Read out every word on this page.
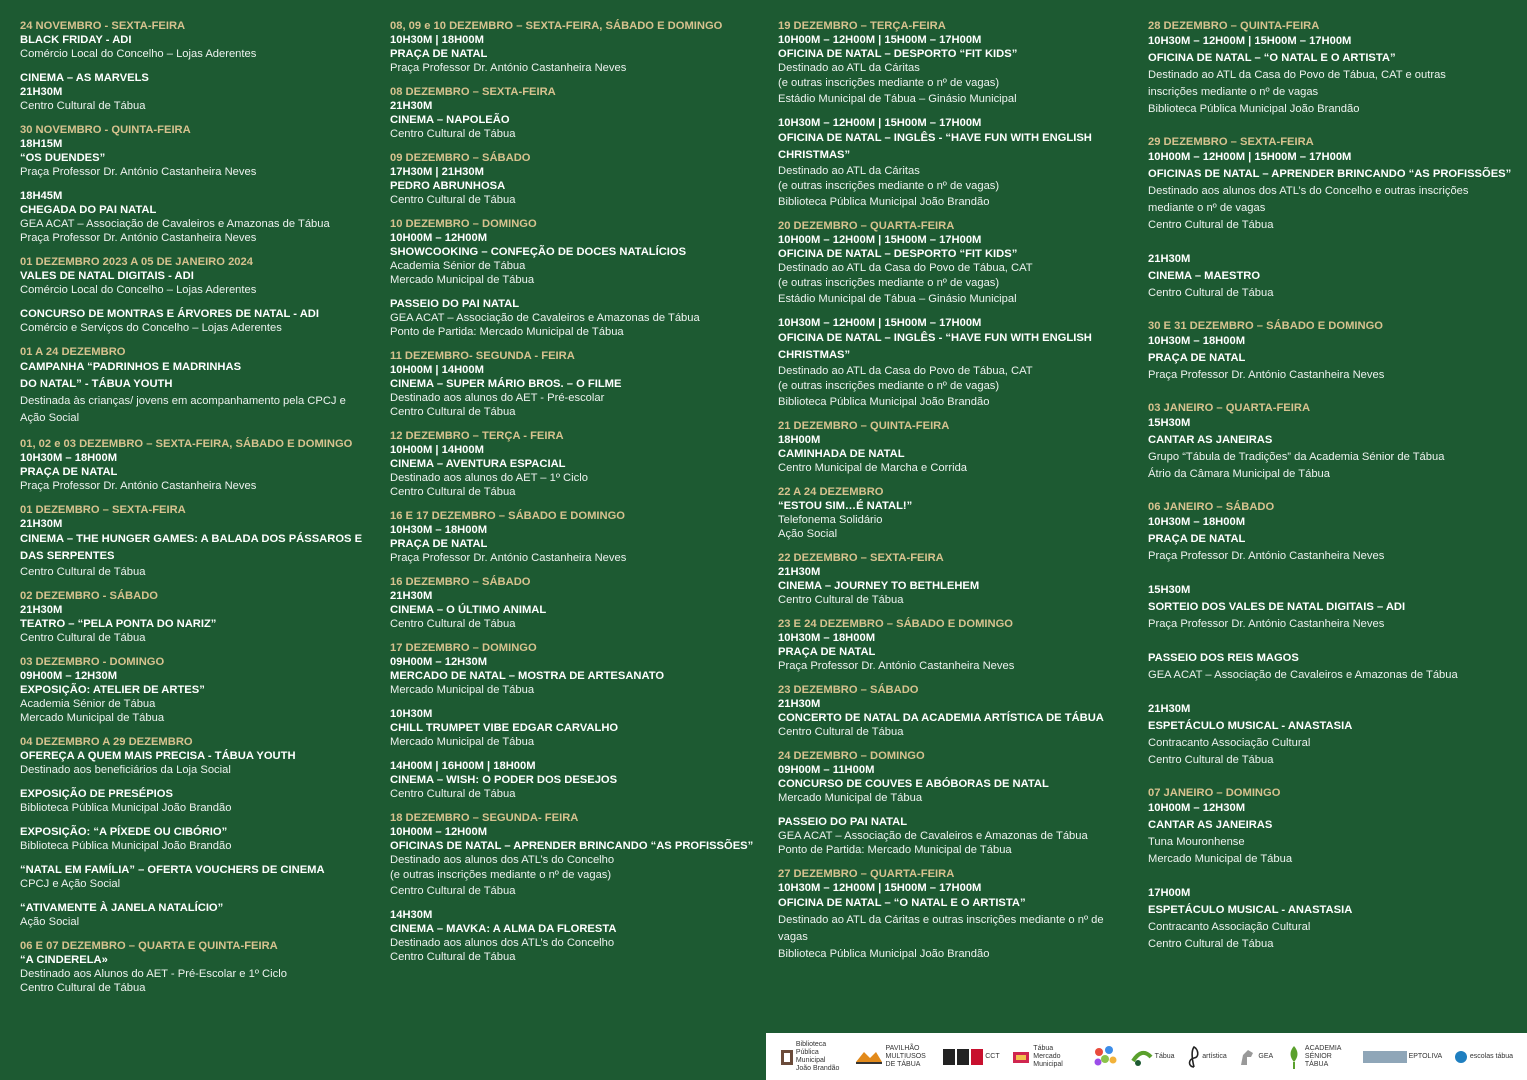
24 NOVEMBRO - SEXTA-FEIRA
BLACK FRIDAY - ADI
Comércio Local do Concelho – Lojas Aderentes
CINEMA – AS MARVELS
21H30M
Centro Cultural de Tábua
30 NOVEMBRO - QUINTA-FEIRA
18H15M
“OS DUENDES”
Praça Professor Dr. António Castanheira Neves
18H45M
CHEGADA DO PAI NATAL
GEA ACAT – Associação de Cavaleiros e Amazonas de Tábua
Praça Professor Dr. António Castanheira Neves
01 DEZEMBRO 2023 A 05 DE JANEIRO 2024
VALES DE NATAL DIGITAIS - ADI
Comércio Local do Concelho – Lojas Aderentes
CONCURSO DE MONTRAS E ÁRVORES DE NATAL - ADI
Comércio e Serviços do Concelho – Lojas Aderentes
01 A 24 DEZEMBRO
CAMPANHA “PADRINHOS E MADRINHAS
DO NATAL” - TÁBUA YOUTH
Destinada às crianças/ jovens em acompanhamento pela CPCJ e
Ação Social
01, 02 e 03 DEZEMBRO – SEXTA-FEIRA, SÁBADO E DOMINGO
10H30M – 18H00M
PRAÇA DE NATAL
Praça Professor Dr. António Castanheira Neves
01 DEZEMBRO – SEXTA-FEIRA
21H30M
CINEMA – THE HUNGER GAMES: A BALADA DOS PÁSSAROS E
DAS SERPENTES
Centro Cultural de Tábua
02 DEZEMBRO - SÁBADO
21H30M
TEATRO – “PELA PONTA DO NARIZ”
Centro Cultural de Tábua
03 DEZEMBRO - DOMINGO
09H00M – 12H30M
EXPOSIÇÃO: ATELIER DE ARTES”
Academia Sénior de Tábua
Mercado Municipal de Tábua
04 DEZEMBRO A 29 DEZEMBRO
OFEREÇA A QUEM MAIS PRECISA - TÁBUA YOUTH
Destinado aos beneficiários da Loja Social
EXPOSIÇÃO DE PRESÉPIOS
Biblioteca Pública Municipal João Brandão
EXPOSIÇÃO: “A PÍXEDE OU CIBÓRIO”
Biblioteca Pública Municipal João Brandão
“NATAL EM FAMÍLIA” – OFERTA VOUCHERS DE CINEMA
CPCJ e Ação Social
“ATIVAMENTE À JANELA NATALÍCIO”
Ação Social
06 E 07 DEZEMBRO – QUARTA E QUINTA-FEIRA
“A CINDERELA»
Destinado aos Alunos do AET - Pré-Escolar e 1º Ciclo
Centro Cultural de Tábua
08, 09 e 10 DEZEMBRO – SEXTA-FEIRA, SÁBADO E DOMINGO
10H30M | 18H00M
PRAÇA DE NATAL
Praça Professor Dr. António Castanheira Neves
08 DEZEMBRO – SEXTA-FEIRA
21H30M
CINEMA – NAPOLEÃO
Centro Cultural de Tábua
09 DEZEMBRO – SÁBADO
17H30M | 21H30M
PEDRO ABRUNHOSA
Centro Cultural de Tábua
10 DEZEMBRO – DOMINGO
10H00M – 12H00M
SHOWCOOKING – CONFEÇÃO DE DOCES NATALÍCIOS
Academia Sénior de Tábua
Mercado Municipal de Tábua
PASSEIO DO PAI NATAL
GEA ACAT – Associação de Cavaleiros e Amazonas de Tábua
Ponto de Partida: Mercado Municipal de Tábua
11 DEZEMBRO- SEGUNDA - FEIRA
10H00M | 14H00M
CINEMA – SUPER MÁRIO BROS. – O FILME
Destinado aos alunos do AET - Pré-escolar
Centro Cultural de Tábua
12 DEZEMBRO – TERÇA - FEIRA
10H00M | 14H00M
CINEMA – AVENTURA ESPACIAL
Destinado aos alunos do AET – 1º Ciclo
Centro Cultural de Tábua
16 E 17 DEZEMBRO – SÁBADO E DOMINGO
10H30M – 18H00M
PRAÇA DE NATAL
Praça Professor Dr. António Castanheira Neves
16 DEZEMBRO – SÁBADO
21H30M
CINEMA – O ÚLTIMO ANIMAL
Centro Cultural de Tábua
17 DEZEMBRO – DOMINGO
09H00M – 12H30M
MERCADO DE NATAL – MOSTRA DE ARTESANATO
Mercado Municipal de Tábua
10H30M
CHILL TRUMPET VIBE EDGAR CARVALHO
Mercado Municipal de Tábua
14H00M | 16H00M | 18H00M
CINEMA – WISH: O PODER DOS DESEJOS
Centro Cultural de Tábua
18 DEZEMBRO – SEGUNDA- FEIRA
10H00M – 12H00M
OFICINAS DE NATAL – APRENDER BRINCANDO “AS PROFISSÕES”
Destinado aos alunos dos ATL’s do Concelho
(e outras inscrições mediante o nº de vagas)
Centro Cultural de Tábua
14H30M
CINEMA – MAVKA: A ALMA DA FLORESTA
Destinado aos alunos dos ATL’s do Concelho
Centro Cultural de Tábua
19 DEZEMBRO – TERÇA-FEIRA
10H00M – 12H00M | 15H00M – 17H00M
OFICINA DE NATAL – DESPORTO “FIT KIDS”
Destinado ao ATL da Cáritas
(e outras inscrições mediante o nº de vagas)
Estádio Municipal de Tábua – Ginásio Municipal
10H30M – 12H00M | 15H00M – 17H00M
OFICINA DE NATAL – INGLÊS - “HAVE FUN WITH ENGLISH
CHRISTMAS”
Destinado ao ATL da Cáritas
(e outras inscrições mediante o nº de vagas)
Biblioteca Pública Municipal João Brandão
20 DEZEMBRO – QUARTA-FEIRA
10H00M – 12H00M | 15H00M – 17H00M
OFICINA DE NATAL – DESPORTO “FIT KIDS”
Destinado ao ATL da Casa do Povo de Tábua, CAT
(e outras inscrições mediante o nº de vagas)
Estádio Municipal de Tábua – Ginásio Municipal
10H30M – 12H00M | 15H00M – 17H00M
OFICINA DE NATAL – INGLÊS - “HAVE FUN WITH ENGLISH
CHRISTMAS”
Destinado ao ATL da Casa do Povo de Tábua, CAT
(e outras inscrições mediante o nº de vagas)
Biblioteca Pública Municipal João Brandão
21 DEZEMBRO – QUINTA-FEIRA
18H00M
CAMINHADA DE NATAL
Centro Municipal de Marcha e Corrida
22 A 24 DEZEMBRO
“ESTOU SIM…É NATAL!”
Telefonema Solidário
Ação Social
22 DEZEMBRO – SEXTA-FEIRA
21H30M
CINEMA – JOURNEY TO BETHLEHEM
Centro Cultural de Tábua
23 E 24 DEZEMBRO – SÁBADO E DOMINGO
10H30M – 18H00M
PRAÇA DE NATAL
Praça Professor Dr. António Castanheira Neves
23 DEZEMBRO – SÁBADO
21H30M
CONCERTO DE NATAL DA ACADEMIA ARTÍSTICA DE TÁBUA
Centro Cultural de Tábua
24 DEZEMBRO – DOMINGO
09H00M – 11H00M
CONCURSO DE COUVES E ABÓBORAS DE NATAL
Mercado Municipal de Tábua
PASSEIO DO PAI NATAL
GEA ACAT – Associação de Cavaleiros e Amazonas de Tábua
Ponto de Partida: Mercado Municipal de Tábua
27 DEZEMBRO – QUARTA-FEIRA
10H30M – 12H00M | 15H00M – 17H00M
OFICINA DE NATAL – “O NATAL E O ARTISTA”
Destinado ao ATL da Cáritas e outras inscrições mediante o nº de
vagas
Biblioteca Pública Municipal João Brandão
28 DEZEMBRO – QUINTA-FEIRA
10H30M – 12H00M | 15H00M – 17H00M
OFICINA DE NATAL – “O NATAL E O ARTISTA”
Destinado ao ATL da Casa do Povo de Tábua, CAT e outras
inscrições mediante o nº de vagas
Biblioteca Pública Municipal João Brandão
29 DEZEMBRO – SEXTA-FEIRA
10H00M – 12H00M | 15H00M – 17H00M
OFICINAS DE NATAL – APRENDER BRINCANDO “AS PROFISSÕES”
Destinado aos alunos dos ATL’s do Concelho e outras inscrições
mediante o nº de vagas
Centro Cultural de Tábua
21H30M
CINEMA – MAESTRO
Centro Cultural de Tábua
30 E 31 DEZEMBRO – SÁBADO E DOMINGO
10H30M – 18H00M
PRAÇA DE NATAL
Praça Professor Dr. António Castanheira Neves
03 JANEIRO – QUARTA-FEIRA
15H30M
CANTAR AS JANEIRAS
Grupo “Tábula de Tradições” da Academia Sénior de Tábua
Átrio da Câmara Municipal de Tábua
06 JANEIRO – SÁBADO
10H30M – 18H00M
PRAÇA DE NATAL
Praça Professor Dr. António Castanheira Neves
15H30M
SORTEIO DOS VALES DE NATAL DIGITAIS – ADI
Praça Professor Dr. António Castanheira Neves
PASSEIO DOS REIS MAGOS
GEA ACAT – Associação de Cavaleiros e Amazonas de Tábua
21H30M
ESPETÁCULO MUSICAL - ANASTASIA
Contracanto Associação Cultural
Centro Cultural de Tábua
07 JANEIRO – DOMINGO
10H00M – 12H30M
CANTAR AS JANEIRAS
Tuna Mouronhense
Mercado Municipal de Tábua
17H00M
ESPETÁCULO MUSICAL - ANASTASIA
Contracanto Associação Cultural
Centro Cultural de Tábua
Biblioteca Pública Municipal João Brandão
PAVILHÃO MULTIUSOS DE TÁBUA
CCT
Tábua Mercado Municipal
Tábua	artística	GEA
ACADEMIA SÉNIOR TÁBUA
EPTOLIVA	escolas tábua
